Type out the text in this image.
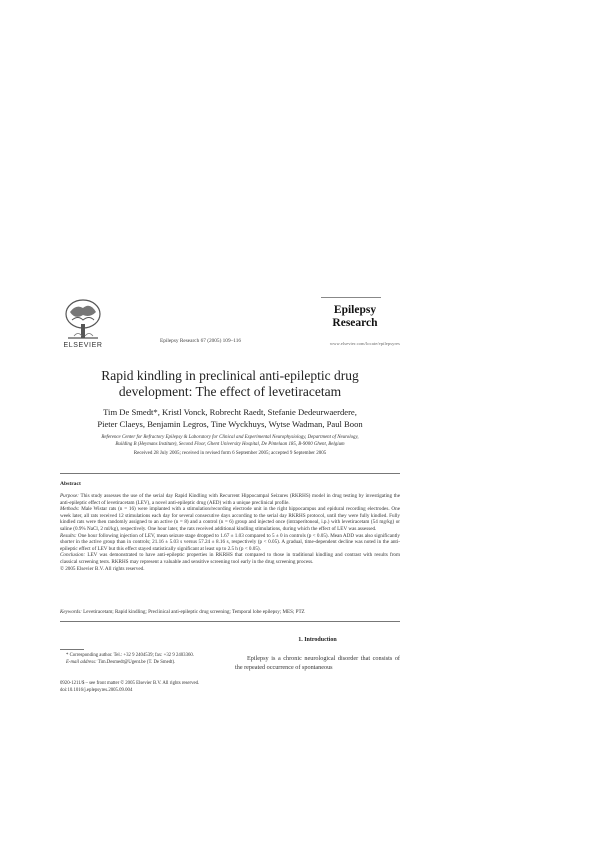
ELSEVIER
Epilepsy Research 67 (2005) 109–116
Epilepsy
Research
www.elsevier.com/locate/epilepsyres
Rapid kindling in preclinical anti-epileptic drug
development: The effect of levetiracetam
Tim De Smedt*, Kristl Vonck, Robrecht Raedt, Stefanie Dedeurwaerdere,
Pieter Claeys, Benjamin Legros, Tine Wyckhuys, Wytse Wadman, Paul Boon
Reference Center for Refractory Epilepsy & Laboratory for Clinical and Experimental Neurophysiology, Department of Neurology,
Building B (Heymans Institute), Second Floor, Ghent University Hospital, De Pintelaan 185, B-9000 Ghent, Belgium
Received 28 July 2005; received in revised form 6 September 2005; accepted 9 September 2005
Abstract

Purpose: This study assesses the use of the serial day Rapid Kindling with Recurrent Hippocampal Seizures (RKRHS) model in drug testing by investigating the anti-epileptic effect of levetiracetam (LEV), a novel anti-epileptic drug (AED) with a unique preclinical profile.

Methods: Male Wistar rats (n = 16) were implanted with a stimulation/recording electrode unit in the right hippocampus and epidural recording electrodes. One week later, all rats received 12 stimulations each day for several consecutive days according to the serial day RKRHS protocol, until they were fully kindled. Fully kindled rats were then randomly assigned to an active (n = 8) and a control (n = 6) group and injected once (intraperitoneal, i.p.) with levetiracetam (54 mg/kg) or saline (0.9% NaCl, 2 ml/kg), respectively. One hour later, the rats received additional kindling stimulations, during which the effect of LEV was assessed.

Results: One hour following injection of LEV, mean seizure stage dropped to 1.67 ± 1.03 compared to 5 ± 0 in controls (p < 0.05). Mean ADD was also significantly shorter in the active group than in controls; 21.16 ± 5.03 s versus 57.24 ± 8.16 s, respectively (p < 0.05). A gradual, time-dependent decline was noted in the anti-epileptic effect of LEV but this effect stayed statistically significant at least up to 2.5 h (p < 0.05).

Conclusion: LEV was demonstrated to have anti-epileptic properties in RKRHS that compared to those in traditional kindling and contrast with results from classical screening tests. RKRHS may represent a valuable and sensitive screening tool early in the drug screening process.

© 2005 Elsevier B.V. All rights reserved.

Keywords: Levetiracetam; Rapid kindling; Preclinical anti-epileptic drug screening; Temporal lobe epilepsy; MES; PTZ
1. Introduction
Epilepsy is a chronic neurological disorder that consists of the repeated occurrence of spontaneous
* Corresponding author. Tel.: +32 9 2404539; fax: +32 9 2403360.
E-mail address: Tim.Desmedt@Ugent.be (T. De Smedt).
0920-1211/$ – see front matter © 2005 Elsevier B.V. All rights reserved.
doi:10.1016/j.eplepsyres.2005.09.004
